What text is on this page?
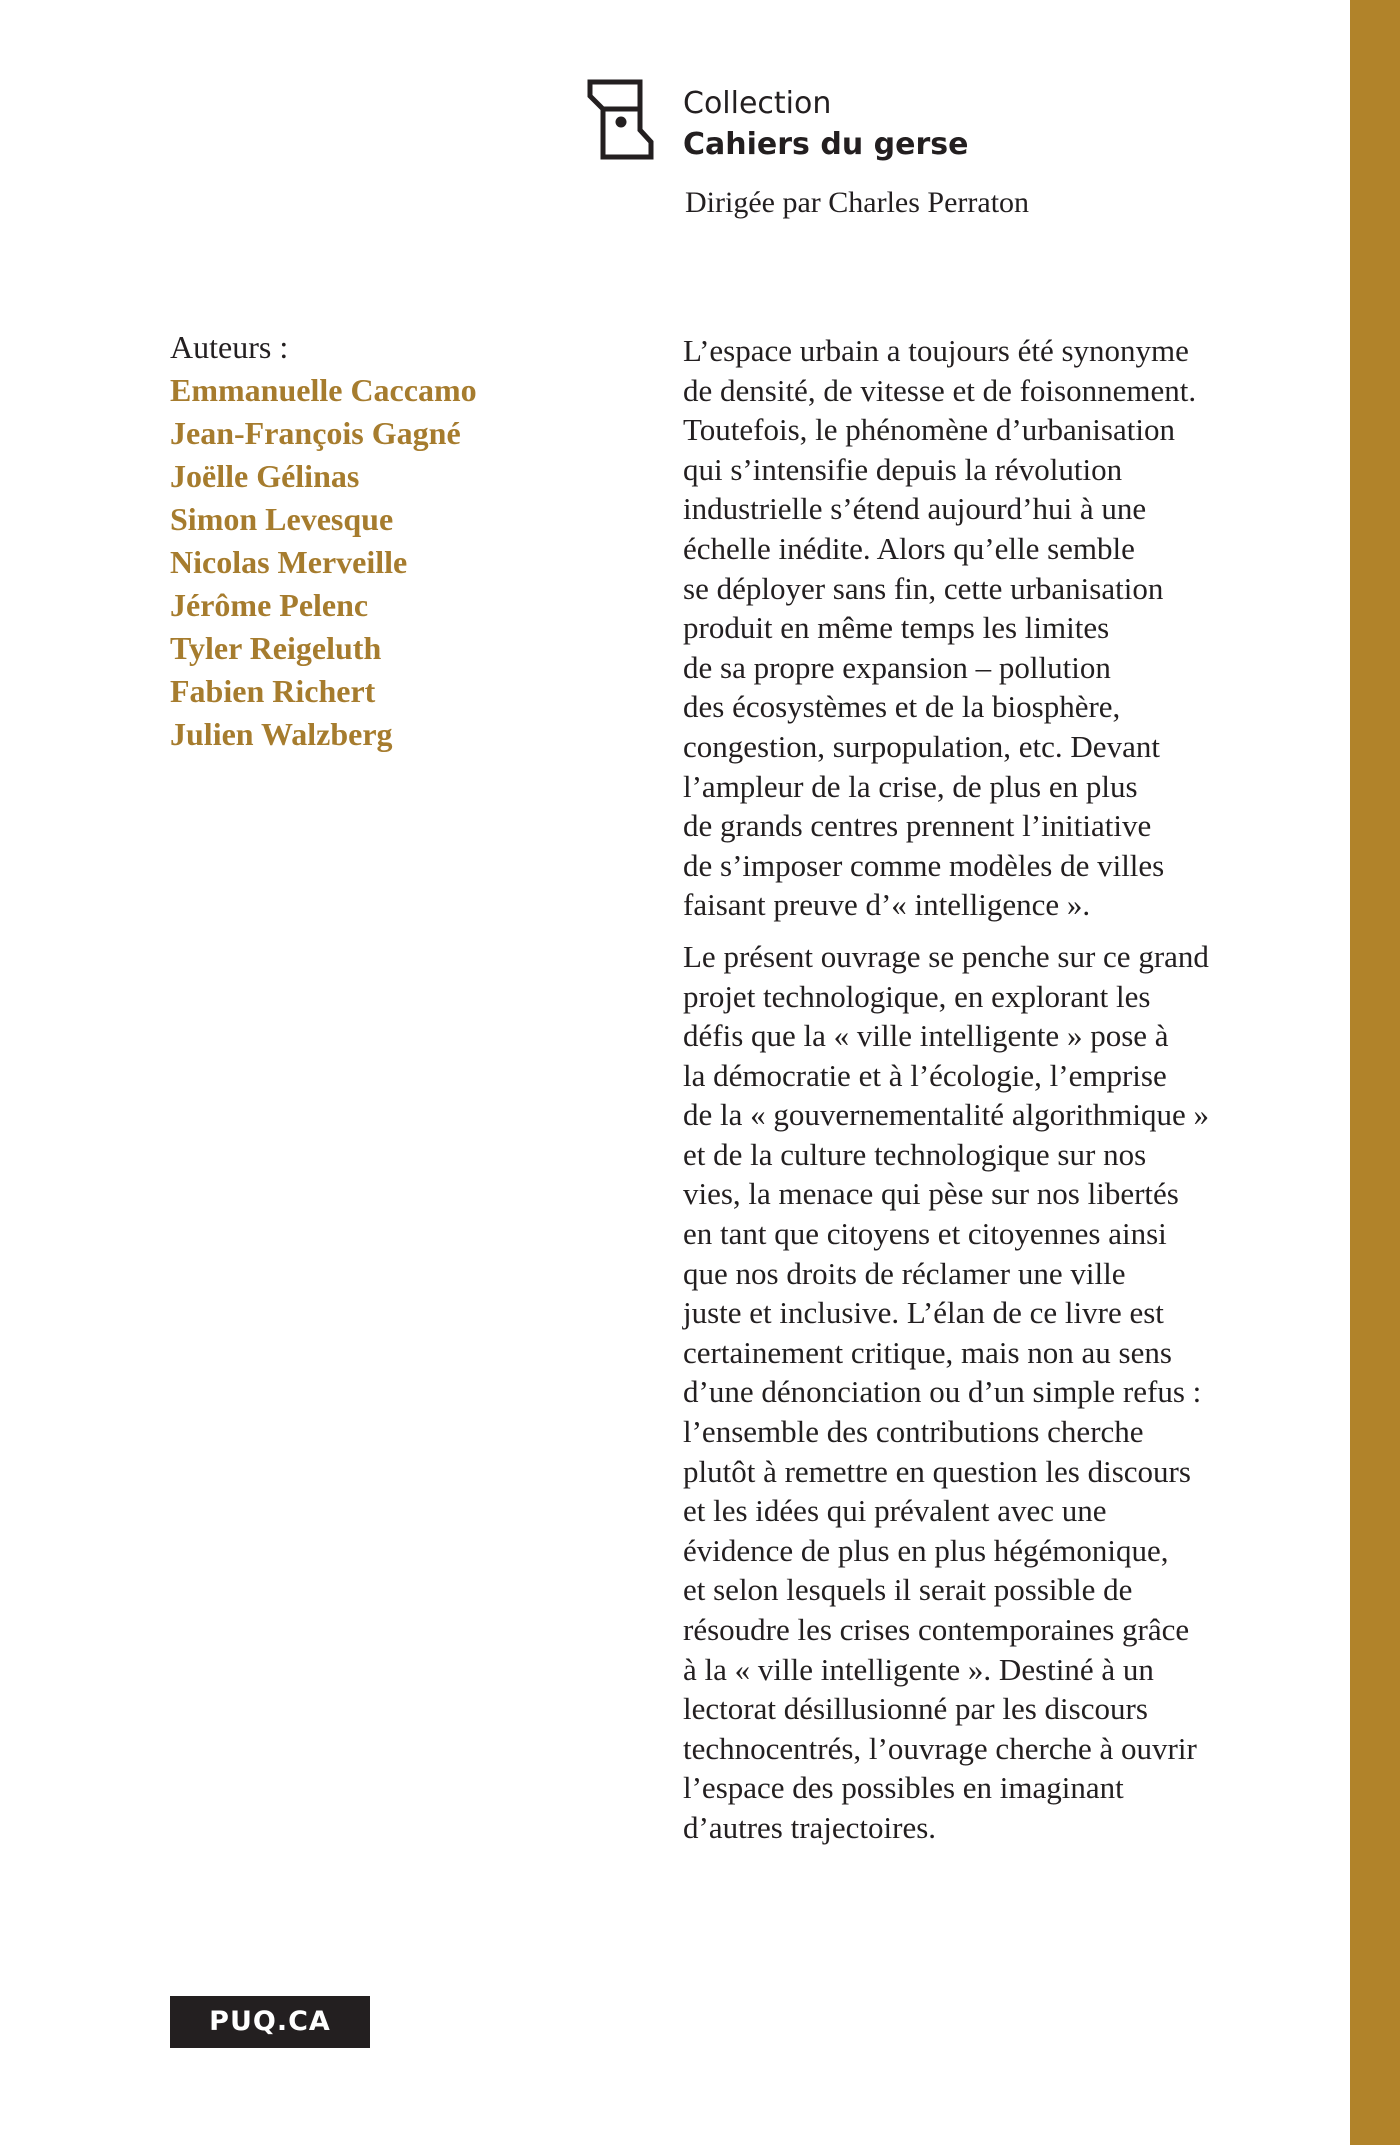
Collection
Cahiers du gerse
Dirigée par Charles Perraton
Auteurs :
Emmanuelle Caccamo
Jean-François Gagné
Joëlle Gélinas
Simon Levesque
Nicolas Merveille
Jérôme Pelenc
Tyler Reigeluth
Fabien Richert
Julien Walzberg

L’espace urbain a toujours été synonyme
de densité, de vitesse et de foisonnement.
Toutefois, le phénomène d’urbanisation
qui s’intensifie depuis la révolution
industrielle s’étend aujourd’hui à une
échelle inédite. Alors qu’elle semble
se déployer sans fin, cette urbanisation
produit en même temps les limites
de sa propre expansion – pollution
des écosystèmes et de la biosphère,
congestion, surpopulation, etc. Devant
l’ampleur de la crise, de plus en plus
de grands centres prennent l’initiative
de s’imposer comme modèles de villes
faisant preuve d’« intelligence ».

Le présent ouvrage se penche sur ce grand
projet technologique, en explorant les
défis que la « ville intelligente » pose à
la démocratie et à l’écologie, l’emprise
de la « gouvernementalité algorithmique »
et de la culture technologique sur nos
vies, la menace qui pèse sur nos libertés
en tant que citoyens et citoyennes ainsi
que nos droits de réclamer une ville
juste et inclusive. L’élan de ce livre est
certainement critique, mais non au sens
d’une dénonciation ou d’un simple refus :
l’ensemble des contributions cherche
plutôt à remettre en question les discours
et les idées qui prévalent avec une
évidence de plus en plus hégémonique,
et selon lesquels il serait possible de
résoudre les crises contemporaines grâce
à la « ville intelligente ». Destiné à un
lectorat désillusionné par les discours
technocentrés, l’ouvrage cherche à ouvrir
l’espace des possibles en imaginant
d’autres trajectoires.

PUQ.CA
